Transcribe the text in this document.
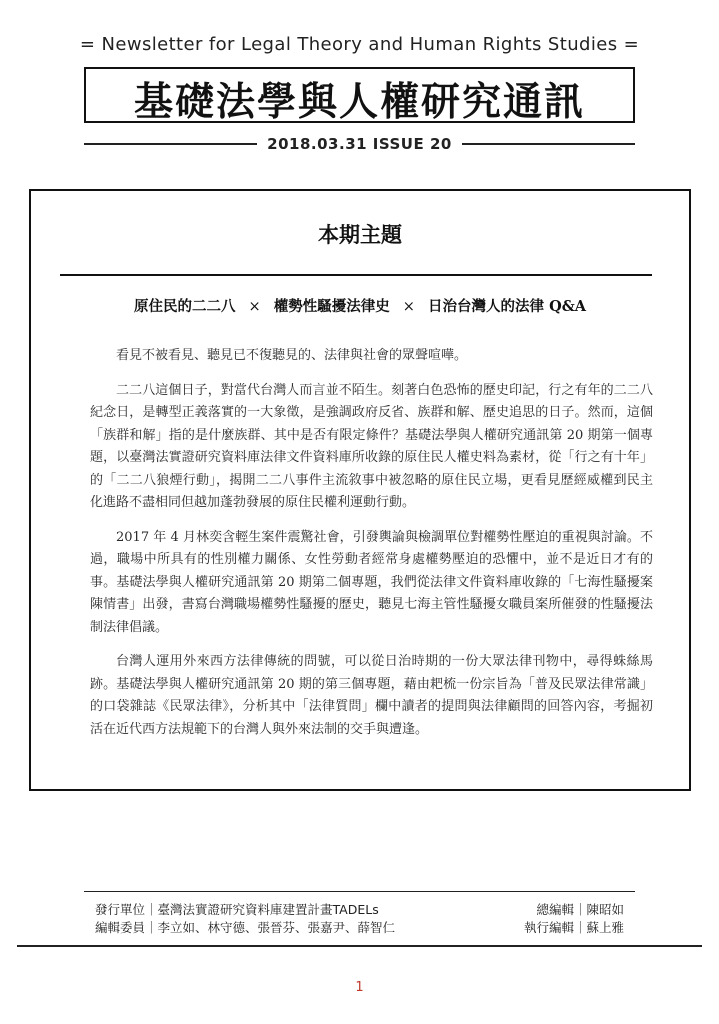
= Newsletter for Legal Theory and Human Rights Studies =
基礎法學與人權研究通訊
2018.03.31 ISSUE 20
本期主題
原住民的二二八 × 權勢性騷擾法律史 × 日治台灣人的法律 Q&A

看見不被看見、聽見已不復聽見的、法律與社會的眾聲喧嘩。

二二八這個日子，對當代台灣人而言並不陌生。刻著白色恐怖的歷史印記，行之有年的二二八紀念日，是轉型正義落實的一大象徵，是強調政府反省、族群和解、歷史追思的日子。然而，這個「族群和解」指的是什麼族群、其中是否有限定條件？基礎法學與人權研究通訊第 20 期第一個專題，以臺灣法實證研究資料庫法律文件資料庫所收錄的原住民人權史料為素材，從「行之有十年」的「二二八狼煙行動」，揭開二二八事件主流敘事中被忽略的原住民立場，更看見歷經威權到民主化進路不盡相同但越加蓬勃發展的原住民權利運動行動。

2017 年 4 月林奕含輕生案件震驚社會，引發輿論與檢調單位對權勢性壓迫的重視與討論。不過，職場中所具有的性別權力關係、女性勞動者經常身處權勢壓迫的恐懼中，並不是近日才有的事。基礎法學與人權研究通訊第 20 期第二個專題，我們從法律文件資料庫收錄的「七海性騷擾案陳情書」出發，書寫台灣職場權勢性騷擾的歷史，聽見七海主管性騷擾女職員案所催發的性騷擾法制法律倡議。

台灣人運用外來西方法律傳統的問號，可以從日治時期的一份大眾法律刊物中，尋得蛛絲馬跡。基礎法學與人權研究通訊第 20 期的第三個專題，藉由耙梳一份宗旨為「普及民眾法律常識」的口袋雜誌《民眾法律》，分析其中「法律質問」欄中讀者的提問與法律顧問的回答內容，考掘初活在近代西方法規範下的台灣人與外來法制的交手與遭逢。

發行單位｜臺灣法實證研究資料庫建置計畫TADELs
編輯委員｜李立如、林守德、張晉芬、張嘉尹、薛智仁
總編輯｜陳昭如
執行編輯｜蘇上雅
1
